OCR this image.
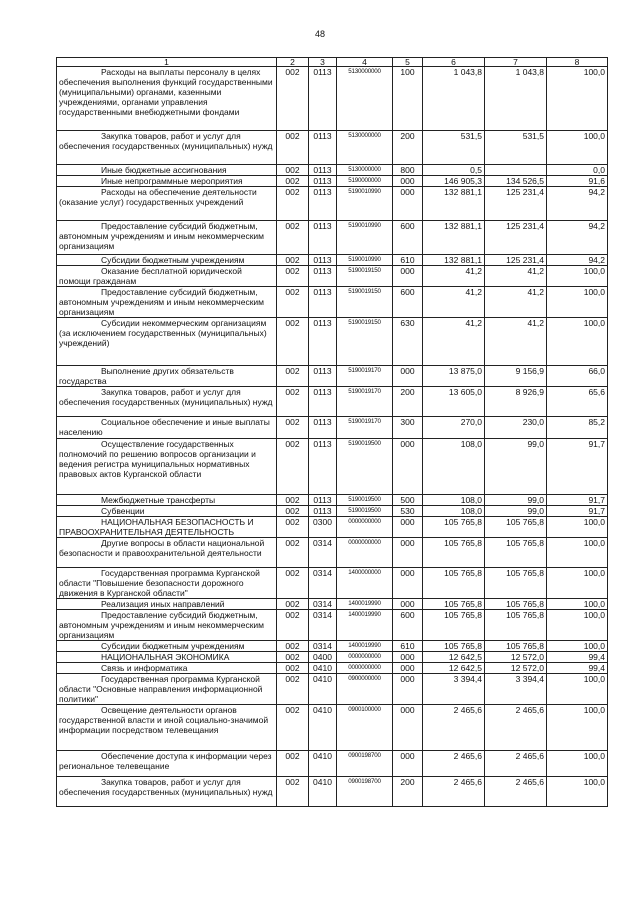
48
1	2	3	4	5	6	7	8
Расходы на выплаты персоналу в целях обеспечения выполнения функций государственными (муниципальными) органами, казенными учреждениями, органами управления государственными внебюджетными фондами	002	0113	5130000000	100	1 043,8	1 043,8	100,0
Закупка товаров, работ и услуг для обеспечения государственных (муниципальных) нужд	002	0113	5130000000	200	531,5	531,5	100,0
Иные бюджетные ассигнования	002	0113	5130000000	800	0,5		0,0
Иные непрограммные мероприятия	002	0113	5190000000	000	146 905,3	134 526,5	91,6
Расходы на обеспечение деятельности (оказание услуг) государственных учреждений	002	0113	5190010990	000	132 881,1	125 231,4	94,2
Предоставление субсидий бюджетным, автономным учреждениям и иным некоммерческим организациям	002	0113	5190010990	600	132 881,1	125 231,4	94,2
Субсидии бюджетным учреждениям	002	0113	5190010990	610	132 881,1	125 231,4	94,2
Оказание бесплатной юридической помощи гражданам	002	0113	5190019150	000	41,2	41,2	100,0
Предоставление субсидий бюджетным, автономным учреждениям и иным некоммерческим организациям	002	0113	5190019150	600	41,2	41,2	100,0
Субсидии некоммерческим организациям (за исключением государственных (муниципальных) учреждений)	002	0113	5190019150	630	41,2	41,2	100,0
Выполнение других обязательств государства	002	0113	5190019170	000	13 875,0	9 156,9	66,0
Закупка товаров, работ и услуг для обеспечения государственных (муниципальных) нужд	002	0113	5190019170	200	13 605,0	8 926,9	65,6
Социальное обеспечение и иные выплаты населению	002	0113	5190019170	300	270,0	230,0	85,2
Осуществление государственных полномочий по решению вопросов организации и ведения регистра муниципальных нормативных правовых актов Курганской области	002	0113	5190019500	000	108,0	99,0	91,7
Межбюджетные трансферты	002	0113	5190019500	500	108,0	99,0	91,7
Субвенции	002	0113	5190019500	530	108,0	99,0	91,7
НАЦИОНАЛЬНАЯ БЕЗОПАСНОСТЬ И ПРАВООХРАНИТЕЛЬНАЯ ДЕЯТЕЛЬНОСТЬ	002	0300	0000000000	000	105 765,8	105 765,8	100,0
Другие вопросы в области национальной безопасности и правоохранительной деятельности	002	0314	0000000000	000	105 765,8	105 765,8	100,0
Государственная программа Курганской области "Повышение безопасности дорожного движения в Курганской области"	002	0314	1400000000	000	105 765,8	105 765,8	100,0
Реализация иных направлений	002	0314	1400019990	000	105 765,8	105 765,8	100,0
Предоставление субсидий бюджетным, автономным учреждениям и иным некоммерческим организациям	002	0314	1400019990	600	105 765,8	105 765,8	100,0
Субсидии бюджетным учреждениям	002	0314	1400019990	610	105 765,8	105 765,8	100,0
НАЦИОНАЛЬНАЯ ЭКОНОМИКА	002	0400	0000000000	000	12 642,5	12 572,0	99,4
Связь и информатика	002	0410	0000000000	000	12 642,5	12 572,0	99,4
Государственная программа Курганской области "Основные направления информационной политики"	002	0410	0900000000	000	3 394,4	3 394,4	100,0
Освещение деятельности органов государственной власти и иной социально-значимой информации посредством телевещания	002	0410	0900100000	000	2 465,6	2 465,6	100,0
Обеспечение доступа к информации через региональное телевещание	002	0410	0900198700	000	2 465,6	2 465,6	100,0
Закупка товаров, работ и услуг для обеспечения государственных (муниципальных) нужд	002	0410	0900198700	200	2 465,6	2 465,6	100,0
